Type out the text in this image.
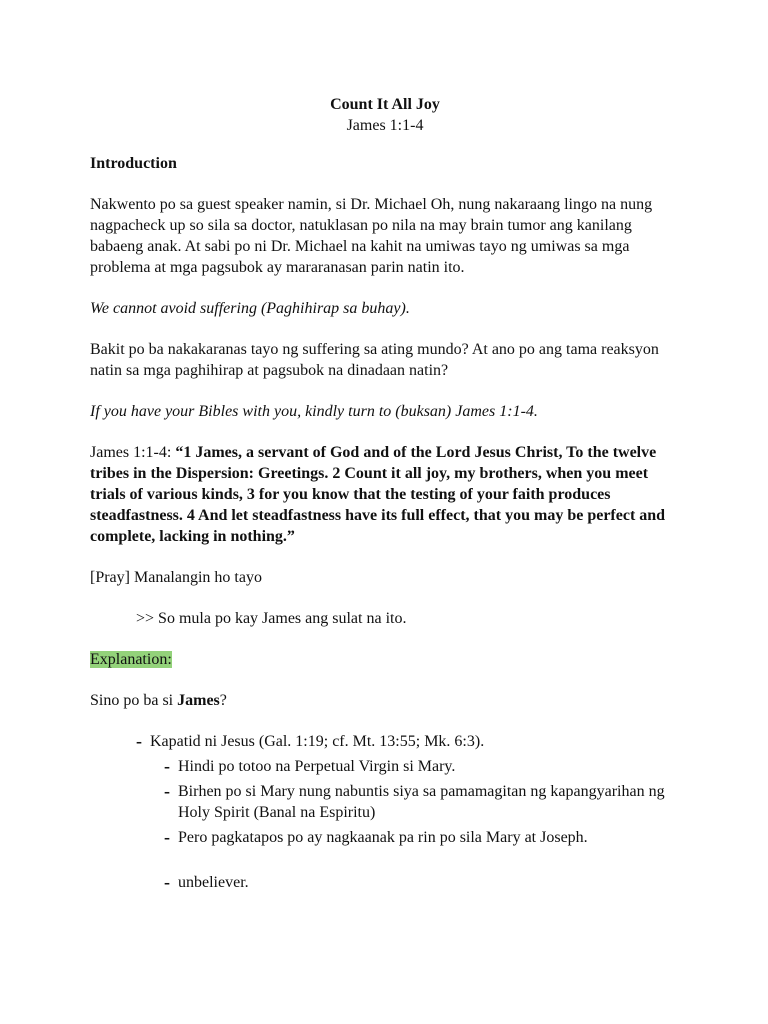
Count It All Joy
James 1:1-4
Introduction

Nakwento po sa guest speaker namin, si Dr. Michael Oh, nung nakaraang lingo na nung nagpacheck up so sila sa doctor, natuklasan po nila na may brain tumor ang kanilang babaeng anak. At sabi po ni Dr. Michael na kahit na umiwas tayo ng umiwas sa mga problema at mga pagsubok ay mararanasan parin natin ito.

We cannot avoid suffering (Paghihirap sa buhay).

Bakit po ba nakakaranas tayo ng suffering sa ating mundo? At ano po ang tama reaksyon natin sa mga paghihirap at pagsubok na dinadaan natin?

If you have your Bibles with you, kindly turn to (buksan) James 1:1-4.

James 1:1-4: “1 James, a servant of God and of the Lord Jesus Christ, To the twelve tribes in the Dispersion: Greetings. 2 Count it all joy, my brothers, when you meet trials of various kinds, 3 for you know that the testing of your faith produces steadfastness. 4 And let steadfastness have its full effect, that you may be perfect and complete, lacking in nothing.”

[Pray] Manalangin ho tayo

>> So mula po kay James ang sulat na ito.

Explanation:

Sino po ba si James?

- Kapatid ni Jesus (Gal. 1:19; cf. Mt. 13:55; Mk. 6:3).
- Hindi po totoo na Perpetual Virgin si Mary.
- Birhen po si Mary nung nabuntis siya sa pamamagitan ng kapangyarihan ng Holy Spirit (Banal na Espiritu)
- Pero pagkatapos po ay nagkaanak pa rin po sila Mary at Joseph.
- unbeliever.
